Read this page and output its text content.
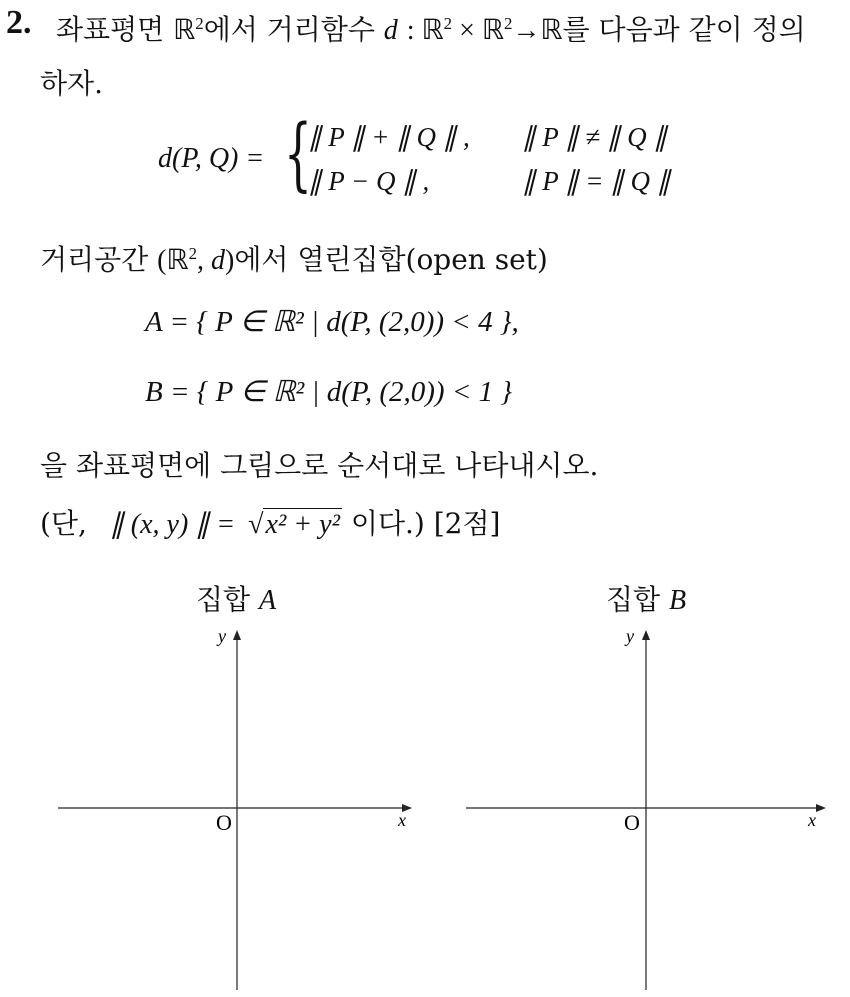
2. 좌표평면 ℝ$^2$에서 거리함수 d : ℝ$^2$ × ℝ$^2$→ℝ를 다음과 같이 정의
하자.
d(P, Q) = {
∥ P ∥ + ∥ Q ∥ , ∥ P ∥ ≠ ∥ Q ∥
∥ P − Q ∥ ,	∥ P ∥ = ∥ Q ∥
거리공간 (ℝ$^2$, d)에서 열린집합(open set)
A = { P ∈ ℝ² | d(P, (2,0)) < 4 },
B = { P ∈ ℝ² | d(P, (2,0)) < 1 }
을 좌표평면에 그림으로 순서대로 나타내시오.
(단, ∥ (x, y) ∥ = √x² + y² 이다.) [2점]
집합 A	집합 B
y
x
O
y
x
O
